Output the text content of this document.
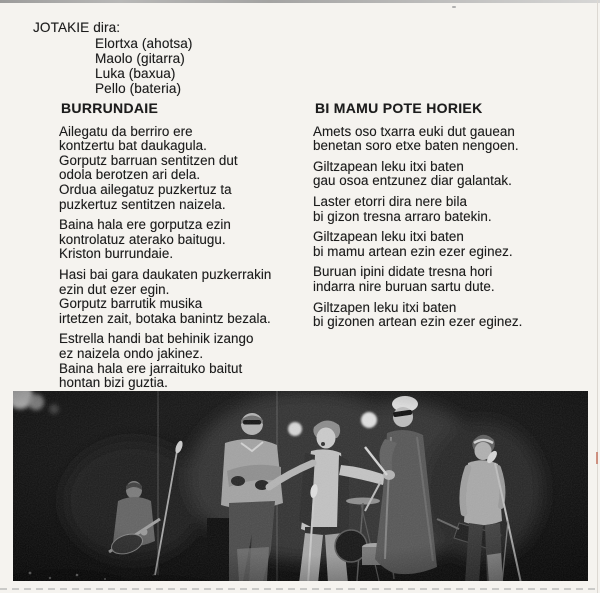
JOTAKIE dira:
Elortxa (ahotsa)
Maolo (gitarra)
Luka (baxua)
Pello (bateria)
BURRUNDAIE
Ailegatu da berriro ere
kontzertu bat daukagula.
Gorputz barruan sentitzen dut
odola berotzen ari dela.
Ordua ailegatuz puzkertuz ta
puzkertuz sentitzen naizela.
Baina hala ere gorputza ezin
kontrolatuz aterako baitugu.
Kriston burrundaie.
Hasi bai gara daukaten puzkerrakin
ezin dut ezer egin.
Gorputz barrutik musika
irtetzen zait, botaka banintz bezala.
Estrella handi bat behinik izango
ez naizela ondo jakinez.
Baina hala ere jarraituko baitut
hontan bizi guztia.
BI MAMU POTE HORIEK
Amets oso txarra euki dut gauean
benetan soro etxe baten nengoen.
Giltzapean leku itxi baten
gau osoa entzunez diar galantak.
Laster etorri dira nere bila
bi gizon tresna arraro batekin.
Giltzapean leku itxi baten
bi mamu artean ezin ezer eginez.
Buruan ipini didate tresna hori
indarra nire buruan sartu dute.
Giltzapen leku itxi baten
bi gizonen artean ezin ezer eginez.
